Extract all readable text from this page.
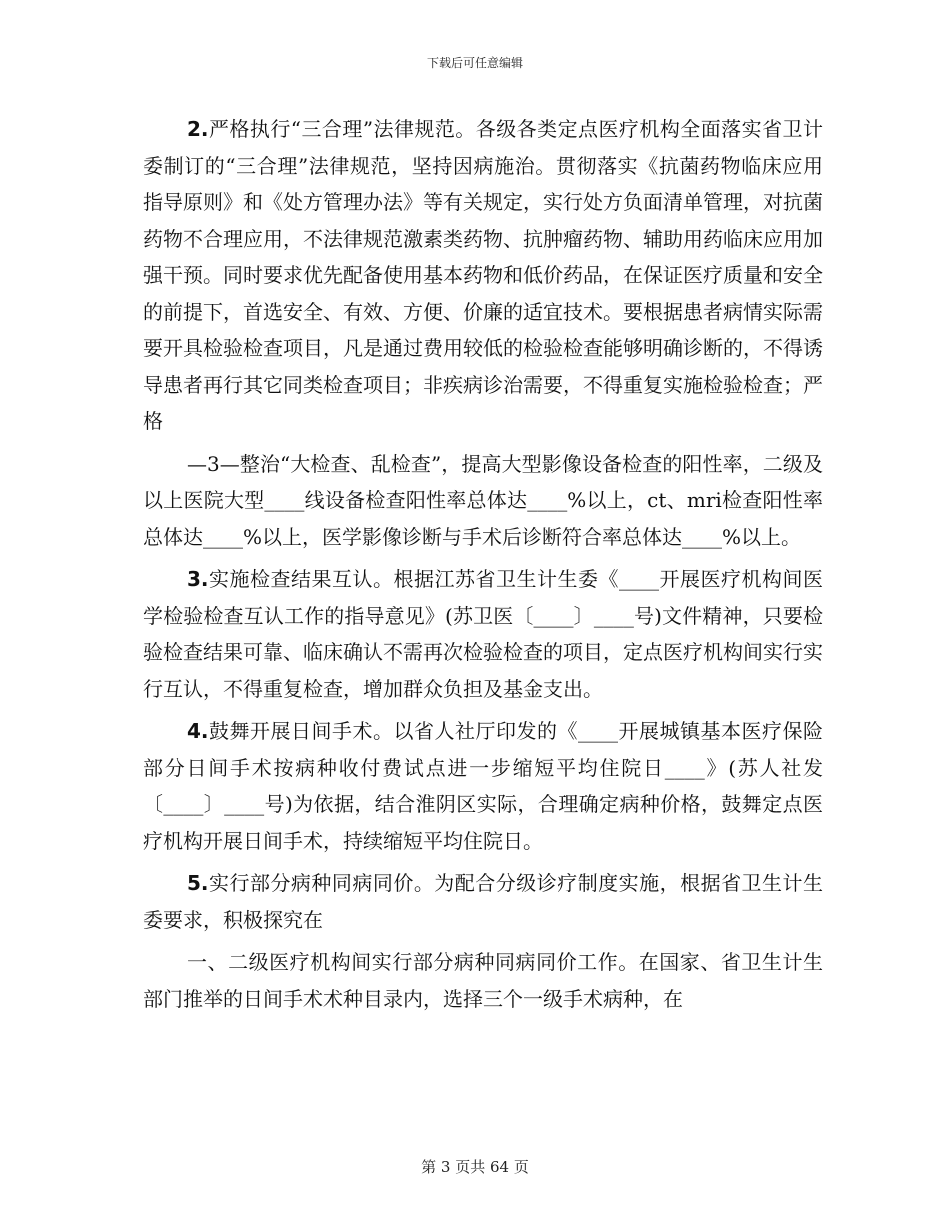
下载后可任意编辑

2.严格执行“三合理”法律规范。各级各类定点医疗机构全面落实省卫计委制订的“三合理”法律规范，坚持因病施治。贯彻落实《抗菌药物临床应用指导原则》和《处方管理办法》等有关规定，实行处方负面清单管理，对抗菌药物不合理应用，不法律规范激素类药物、抗肿瘤药物、辅助用药临床应用加强干预。同时要求优先配备使用基本药物和低价药品，在保证医疗质量和安全的前提下，首选安全、有效、方便、价廉的适宜技术。要根据患者病情实际需要开具检验检查项目，凡是通过费用较低的检验检查能够明确诊断的，不得诱导患者再行其它同类检查项目；非疾病诊治需要，不得重复实施检验检查；严格

—3—整治“大检查、乱检查”，提高大型影像设备检查的阳性率，二级及以上医院大型____线设备检查阳性率总体达____%以上，ct、mri检查阳性率总体达____%以上，医学影像诊断与手术后诊断符合率总体达____%以上。

3.实施检查结果互认。根据江苏省卫生计生委《____开展医疗机构间医学检验检查互认工作的指导意见》(苏卫医〔____〕____号)文件精神，只要检验检查结果可靠、临床确认不需再次检验检查的项目，定点医疗机构间实行实行互认，不得重复检查，增加群众负担及基金支出。

4.鼓舞开展日间手术。以省人社厅印发的《____开展城镇基本医疗保险部分日间手术按病种收付费试点进一步缩短平均住院日____》(苏人社发〔____〕____号)为依据，结合淮阴区实际，合理确定病种价格，鼓舞定点医疗机构开展日间手术，持续缩短平均住院日。

5.实行部分病种同病同价。为配合分级诊疗制度实施，根据省卫生计生委要求，积极探究在

一、二级医疗机构间实行部分病种同病同价工作。在国家、省卫生计生部门推举的日间手术术种目录内，选择三个一级手术病种，在

第 3 页共 64 页
